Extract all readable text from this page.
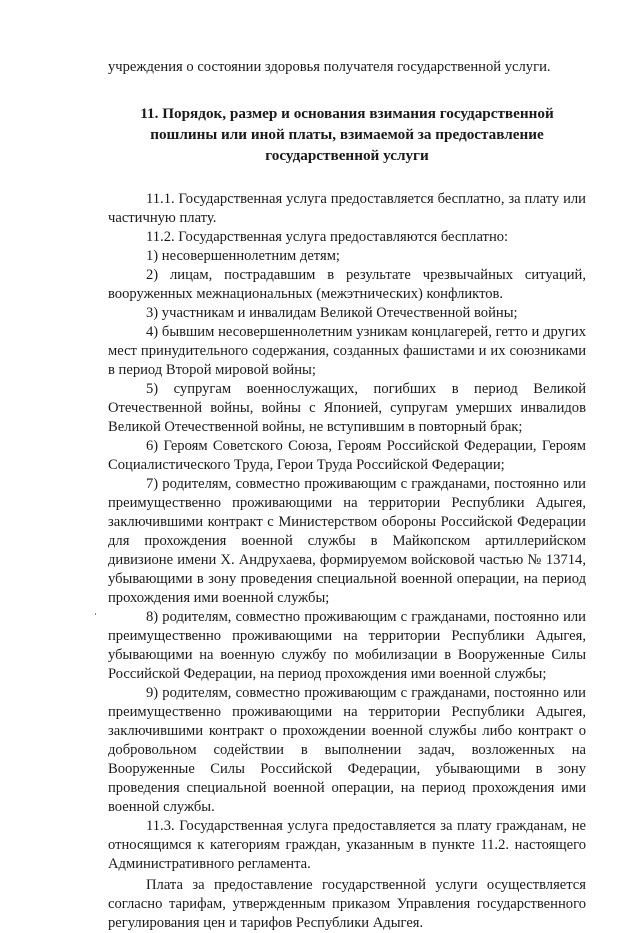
учреждения о состоянии здоровья получателя государственной услуги.

11. Порядок, размер и основания взимания государственной пошлины или иной платы, взимаемой за предоставление государственной услуги

11.1. Государственная услуга предоставляется бесплатно, за плату или частичную плату.

11.2. Государственная услуга предоставляются бесплатно:

1) несовершеннолетним детям;

2) лицам, пострадавшим в результате чрезвычайных ситуаций, вооруженных межнациональных (межэтнических) конфликтов.

3) участникам и инвалидам Великой Отечественной войны;

4) бывшим несовершеннолетним узникам концлагерей, гетто и других мест принудительного содержания, созданных фашистами и их союзниками в период Второй мировой войны;

5) супругам военнослужащих, погибших в период Великой Отечественной войны, войны с Японией, супругам умерших инвалидов Великой Отечественной войны, не вступившим в повторный брак;

6) Героям Советского Союза, Героям Российской Федерации, Героям Социалистического Труда, Герои Труда Российской Федерации;

7) родителям, совместно проживающим с гражданами, постоянно или преимущественно проживающими на территории Республики Адыгея, заключившими контракт с Министерством обороны Российской Федерации для прохождения военной службы в Майкопском артиллерийском дивизионе имени Х. Андрухаева, формируемом войсковой частью № 13714, убывающими в зону проведения специальной военной операции, на период прохождения ими военной службы;

8) родителям, совместно проживающим с гражданами, постоянно или преимущественно проживающими на территории Республики Адыгея, убывающими на военную службу по мобилизации в Вооруженные Силы Российской Федерации, на период прохождения ими военной службы;

9) родителям, совместно проживающим с гражданами, постоянно или преимущественно проживающими на территории Республики Адыгея, заключившими контракт о прохождении военной службы либо контракт о добровольном содействии в выполнении задач, возложенных на Вооруженные Силы Российской Федерации, убывающими в зону проведения специальной военной операции, на период прохождения ими военной службы.

11.3. Государственная услуга предоставляется за плату гражданам, не относящимся к категориям граждан, указанным в пункте 11.2. настоящего Административного регламента.

Плата за предоставление государственной услуги осуществляется согласно тарифам, утвержденным приказом Управления государственного регулирования цен и тарифов Республики Адыгея.
